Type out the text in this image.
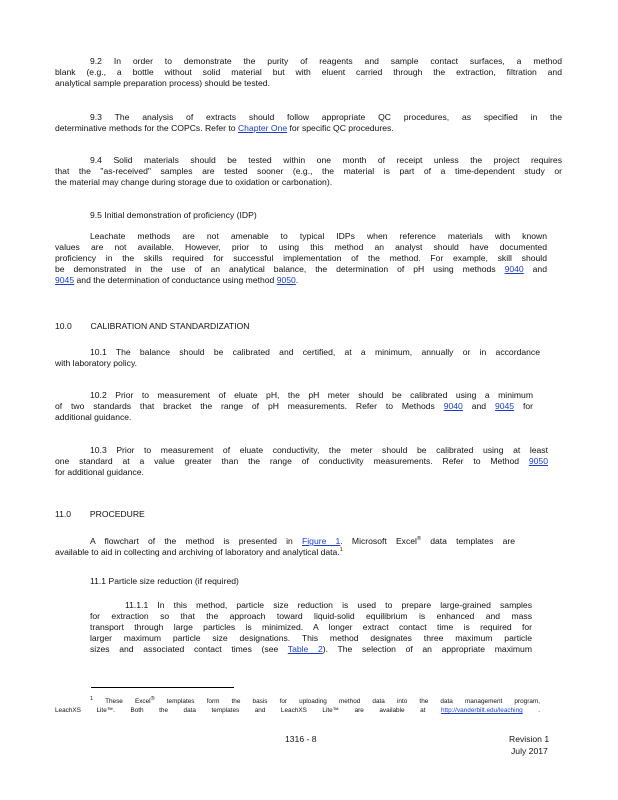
9.2 In order to demonstrate the purity of reagents and sample contact surfaces, a method
blank (e.g., a bottle without solid material but with eluent carried through the extraction, filtration and
analytical sample preparation process) should be tested.
9.3 The analysis of extracts should follow appropriate QC procedures, as specified in the
determinative methods for the COPCs. Refer to Chapter One for specific QC procedures.
9.4 Solid materials should be tested within one month of receipt unless the project requires
that the "as-received" samples are tested sooner (e.g., the material is part of a time-dependent study or
the material may change during storage due to oxidation or carbonation).
9.5 Initial demonstration of proficiency (IDP)
Leachate methods are not amenable to typical IDPs when reference materials with known
values are not available. However, prior to using this method an analyst should have documented
proficiency in the skills required for successful implementation of the method. For example, skill should
be demonstrated in the use of an analytical balance, the determination of pH using methods 9040 and
9045 and the determination of conductance using method 9050.
10.0 CALIBRATION AND STANDARDIZATION
10.1 The balance should be calibrated and certified, at a minimum, annually or in accordance
with laboratory policy.
10.2 Prior to measurement of eluate pH, the pH meter should be calibrated using a minimum
of two standards that bracket the range of pH measurements. Refer to Methods 9040 and 9045 for
additional guidance.
10.3 Prior to measurement of eluate conductivity, the meter should be calibrated using at least
one standard at a value greater than the range of conductivity measurements. Refer to Method 9050
for additional guidance.
11.0 PROCEDURE
A flowchart of the method is presented in Figure 1. Microsoft Excel® data templates are
available to aid in collecting and archiving of laboratory and analytical data.$^1$
11.1 Particle size reduction (if required)
11.1.1 In this method, particle size reduction is used to prepare large-grained samples
for extraction so that the approach toward liquid-solid equilibrium is enhanced and mass
transport through large particles is minimized. A longer extract contact time is required for
larger maximum particle size designations. This method designates three maximum particle
sizes and associated contact times (see Table 2). The selection of an appropriate maximum
$^1$ These Excel® templates form the basis for uploading method data into the data management program,
LeachXS Lite™. Both the data templates and LeachXS Lite™ are available at http://vanderbilt.edu/leaching .
1316 - 8	Revision 1
July 2017
